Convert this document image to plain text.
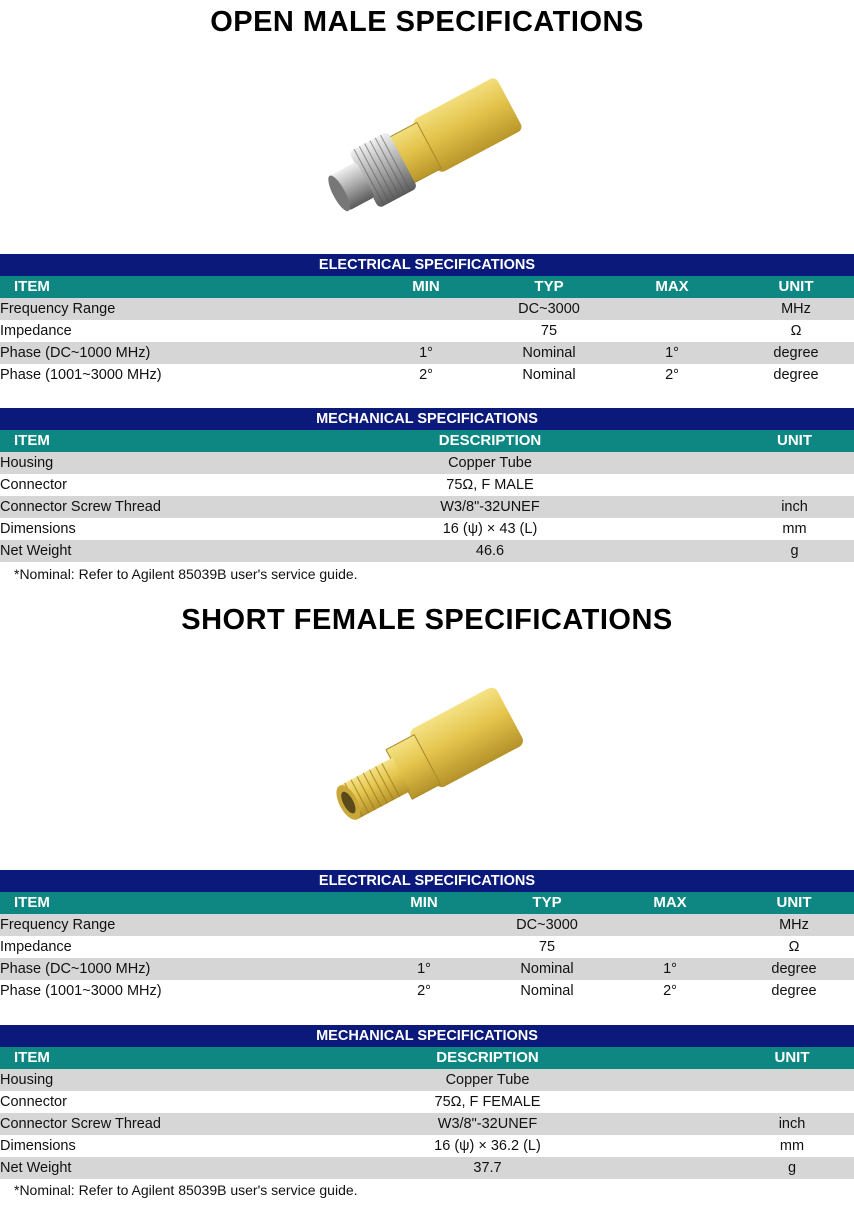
OPEN MALE SPECIFICATIONS
ELECTRICAL SPECIFICATIONS				
ITEM	MIN	TYP	MAX	UNIT
Frequency Range		DC~3000		MHz
Impedance		75		Ω
Phase (DC~1000 MHz)	1°	Nominal	1°	degree
Phase (1001~3000 MHz)	2°	Nominal	2°	degree
MECHANICAL SPECIFICATIONS		
ITEM	DESCRIPTION	UNIT
Housing	Copper Tube	
Connector	75Ω, F MALE	
Connector Screw Thread	W3/8"-32UNEF	inch
Dimensions	16 (ψ) × 43 (L)	mm
Net Weight	46.6	g
*Nominal: Refer to Agilent 85039B user's service guide.
SHORT FEMALE SPECIFICATIONS
ELECTRICAL SPECIFICATIONS				
ITEM	MIN	TYP	MAX	UNIT
Frequency Range		DC~3000		MHz
Impedance		75		Ω
Phase (DC~1000 MHz)	1°	Nominal	1°	degree
Phase (1001~3000 MHz)	2°	Nominal	2°	degree
MECHANICAL SPECIFICATIONS		
ITEM	DESCRIPTION	UNIT
Housing	Copper Tube	
Connector	75Ω, F FEMALE	
Connector Screw Thread	W3/8"-32UNEF	inch
Dimensions	16 (ψ) × 36.2 (L)	mm
Net Weight	37.7	g
*Nominal: Refer to Agilent 85039B user's service guide.
